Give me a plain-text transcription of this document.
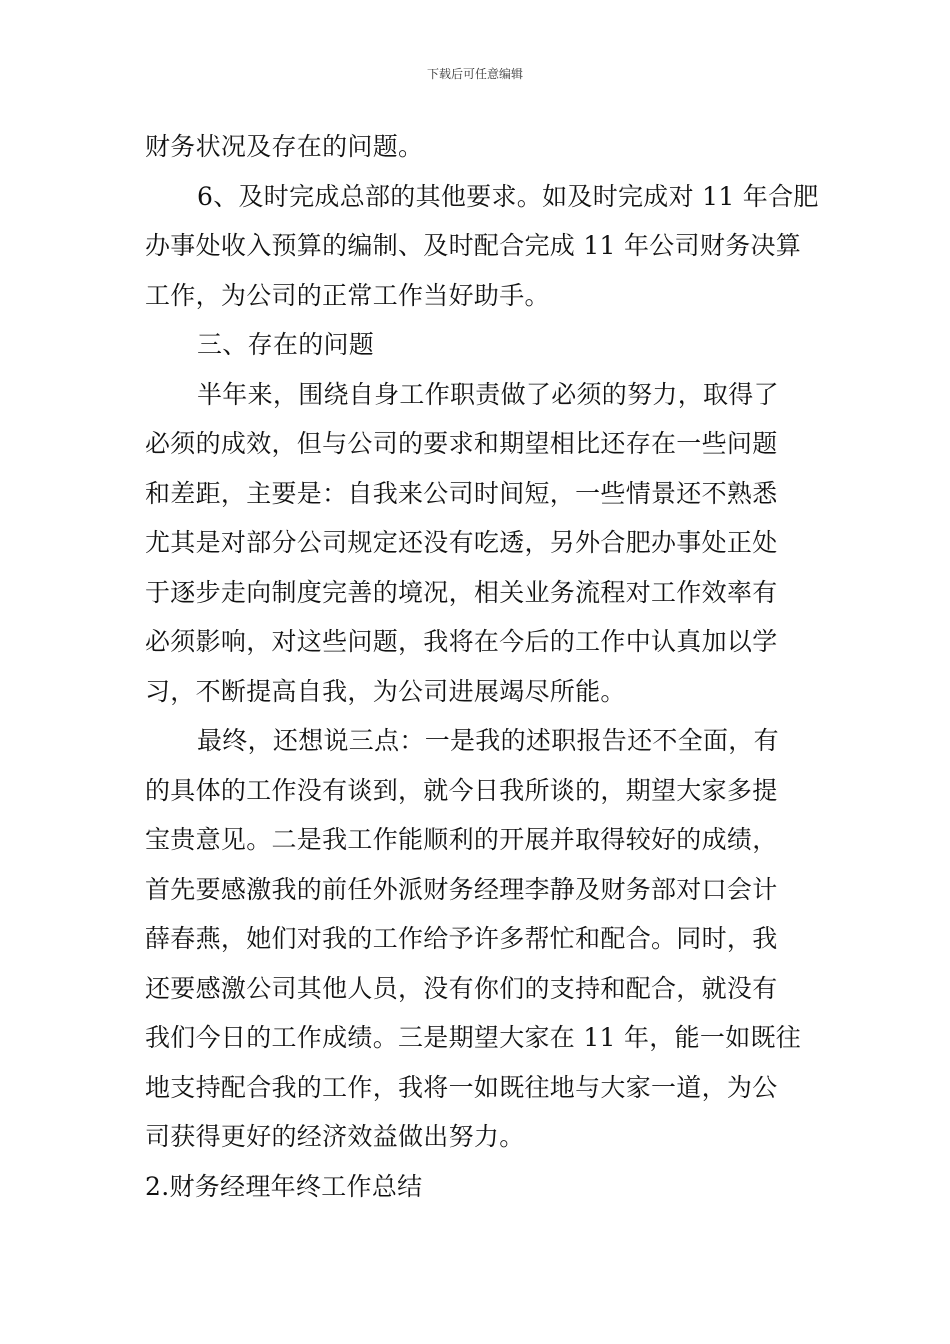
下载后可任意编辑
财务状况及存在的问题。
6、及时完成总部的其他要求。如及时完成对 11 年合肥
办事处收入预算的编制、及时配合完成 11 年公司财务决算
工作，为公司的正常工作当好助手。
三、存在的问题
半年来，围绕自身工作职责做了必须的努力，取得了
必须的成效，但与公司的要求和期望相比还存在一些问题
和差距，主要是：自我来公司时间短，一些情景还不熟悉
尤其是对部分公司规定还没有吃透，另外合肥办事处正处
于逐步走向制度完善的境况，相关业务流程对工作效率有
必须影响，对这些问题，我将在今后的工作中认真加以学
习，不断提高自我，为公司进展竭尽所能。
最终，还想说三点：一是我的述职报告还不全面，有
的具体的工作没有谈到，就今日我所谈的，期望大家多提
宝贵意见。二是我工作能顺利的开展并取得较好的成绩，
首先要感激我的前任外派财务经理李静及财务部对口会计
薛春燕，她们对我的工作给予许多帮忙和配合。同时，我
还要感激公司其他人员，没有你们的支持和配合，就没有
我们今日的工作成绩。三是期望大家在 11 年，能一如既往
地支持配合我的工作，我将一如既往地与大家一道，为公
司获得更好的经济效益做出努力。
2.财务经理年终工作总结
